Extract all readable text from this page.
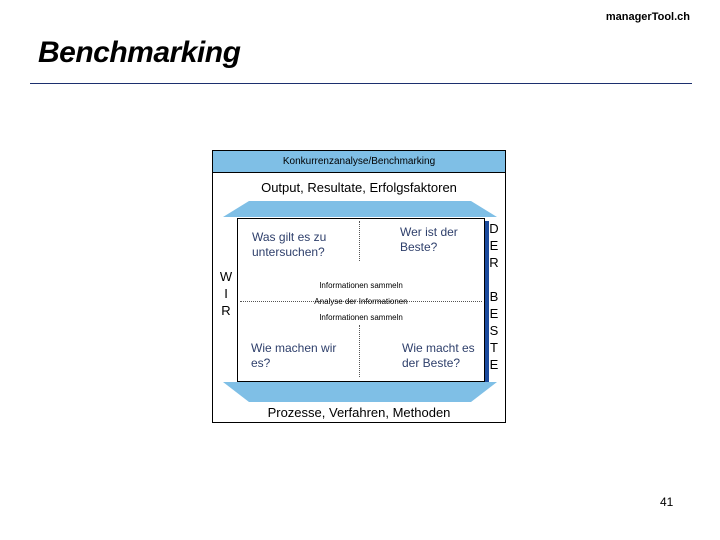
managerTool.ch
Benchmarking
Konkurrenzanalyse/Benchmarking
Output, Resultate, Erfolgsfaktoren
Was gilt es zu untersuchen?
Wer ist der Beste?
Wie machen wir es?
Wie macht es der Beste?
Informationen sammeln
Analyse der Informationen
Informationen sammeln
Prozesse, Verfahren, Methoden
W
I
R
D
E
R
B
E
S
T
E
41
